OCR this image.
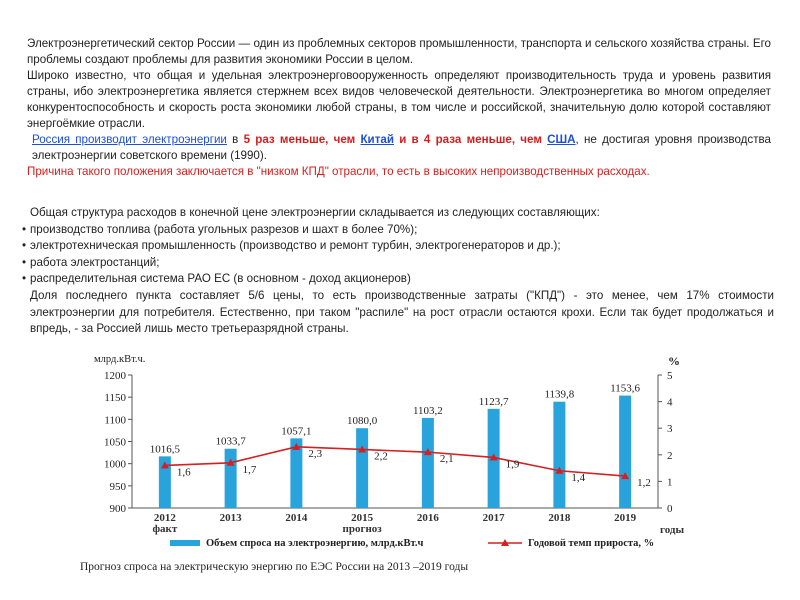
Электроэнергетический сектор России — один из проблемных секторов промышленности, транспорта и сельского хозяйства страны. Его проблемы создают проблемы для развития экономики России в целом.

Широко известно, что общая и удельная электроэнерговооруженность определяют производительность труда и уровень развития страны, ибо электроэнергетика является стержнем всех видов человеческой деятельности. Электроэнергетика во многом определяет конкурентоспособность и скорость роста экономики любой страны, в том числе и российской, значительную долю которой составляют энергоёмкие отрасли.

Россия производит электроэнергии в 5 раз меньше, чем Китай и в 4 раза меньше, чем США, не достигая уровня производства электроэнергии советского времени (1990).

Причина такого положения заключается в "низком КПД" отрасли, то есть в высоких непроизводственных расходах.

Общая структура расходов в конечной цене электроэнергии складывается из следующих составляющих:

• производство топлива (работа угольных разрезов и шахт в более 70%);
• электротехническая промышленность (производство и ремонт турбин, электрогенераторов и др.);
• работа электростанций;
• распределительная система РАО ЕС (в основном - доход акционеров)

Доля последнего пункта составляет 5/6 цены, то есть производственные затраты ("КПД") - это менее, чем 17% стоимости электроэнергии для потребителя. Естественно, при таком "распиле" на рост отрасли остаются крохи. Если так будет продолжаться и впредь, - за Россией лишь место третьеразрядной страны.

млрд.кВт.ч.	%
900
950
1000
1050
1100
1150
1200
0
1
2
3
4
5
1016,5
1033,7
1057,1
1080,0
1103,2
1123,7
1139,8
1153,6
2012
факт
2013	2014	2015
прогноз
2016	2017	2018	2019
годы
1,6	1,7
2,3	2,2	2,1	1,9
1,4	1,2
Объем спроса на электроэнергию, млрд.кВт.ч	Годовой темп прироста, %
Прогноз спроса на электрическую энергию по ЕЭС России на 2013 –2019 годы
